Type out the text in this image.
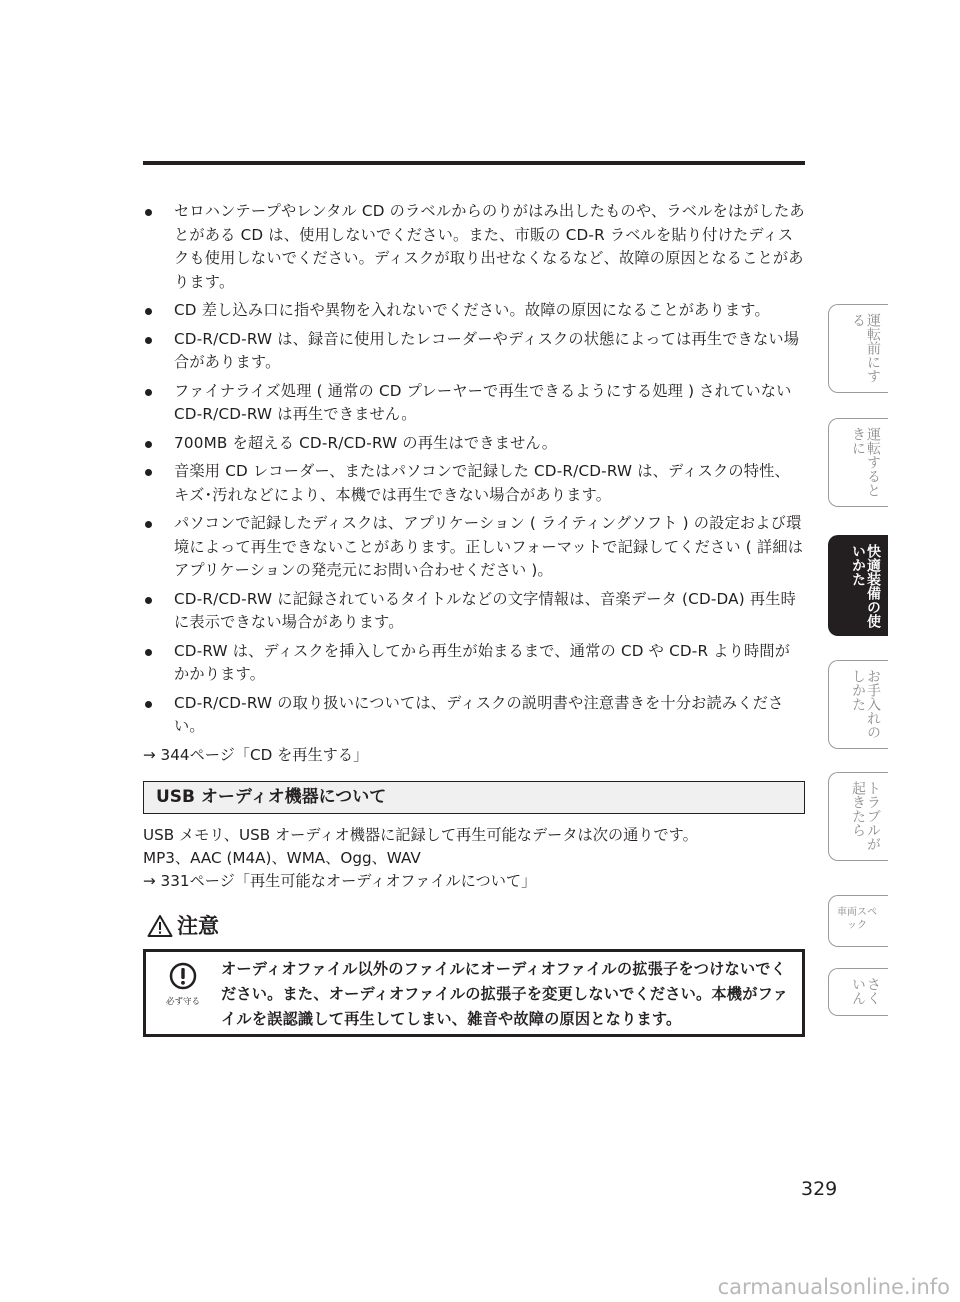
セロハンテープやレンタル CD のラベルからのりがはみ出したものや、ラベルをはがしたあとがある CD は、使用しないでください。また、市販の CD-R ラベルを貼り付けたディスクも使用しないでください。ディスクが取り出せなくなるなど、故障の原因となることがあります。
CD 差し込み口に指や異物を入れないでください。故障の原因になることがあります。
CD-R/CD-RW は、録音に使用したレコーダーやディスクの状態によっては再生できない場合があります。
ファイナライズ処理 ( 通常の CD プレーヤーで再生できるようにする処理 ) されていない CD-R/CD-RW は再生できません。
700MB を超える CD-R/CD-RW の再生はできません。
音楽用 CD レコーダー、またはパソコンで記録した CD-R/CD-RW は、ディスクの特性、キズ･汚れなどにより、本機では再生できない場合があります。
パソコンで記録したディスクは、アプリケーション ( ライティングソフト ) の設定および環境によって再生できないことがあります。正しいフォーマットで記録してください ( 詳細はアプリケーションの発売元にお問い合わせください )。
CD-R/CD-RW に記録されているタイトルなどの文字情報は、音楽データ (CD-DA) 再生時に表示できない場合があります。
CD-RW は、ディスクを挿入してから再生が始まるまで、通常の CD や CD-R より時間がかかります。
CD-R/CD-RW の取り扱いについては、ディスクの説明書や注意書きを十分お読みください。
→ 344ページ「CD を再生する」
USB オーディオ機器について
USB メモリ、USB オーディオ機器に記録して再生可能なデータは次の通りです。
MP3、AAC (M4A)、WMA、Ogg、WAV
→ 331ページ「再生可能なオーディオファイルについて」
注意
必ず守る
オーディオファイル以外のファイルにオーディオファイルの拡張子をつけないでください。また、オーディオファイルの拡張子を変更しないでください。本機がファイルを誤認識して再生してしまい、雑音や故障の原因となります。
運転前にする
運転するときに
快適装備の使いかた
お手入れのしかた
トラブルが起きたら
車両スペック
さくいん
329
carmanualsonline.info
